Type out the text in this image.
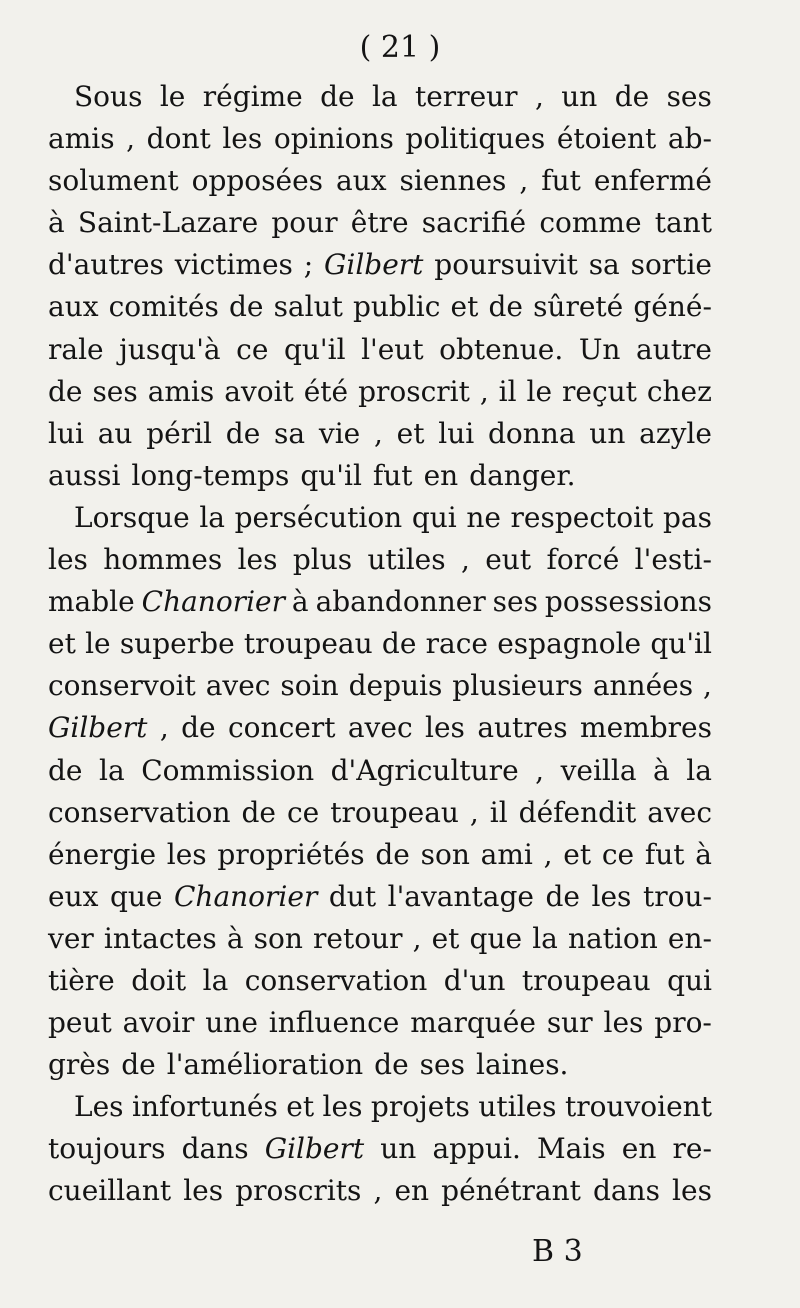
( 21 )
Sous le régime de la terreur , un de ses
amis , dont les opinions politiques étoient ab-
solument opposées aux siennes , fut enfermé
à Saint-Lazare pour être sacrifié comme tant
d'autres victimes ; Gilbert poursuivit sa sortie
aux comités de salut public et de sûreté géné-
rale jusqu'à ce qu'il l'eut obtenue. Un autre
de ses amis avoit été proscrit , il le reçut chez
lui au péril de sa vie , et lui donna un azyle
aussi long-temps qu'il fut en danger.
Lorsque la persécution qui ne respectoit pas
les hommes les plus utiles , eut forcé l'esti-
mable Chanorier à abandonner ses possessions
et le superbe troupeau de race espagnole qu'il
conservoit avec soin depuis plusieurs années ,
Gilbert , de concert avec les autres membres
de la Commission d'Agriculture , veilla à la
conservation de ce troupeau , il défendit avec
énergie les propriétés de son ami , et ce fut à
eux que Chanorier dut l'avantage de les trou-
ver intactes à son retour , et que la nation en-
tière doit la conservation d'un troupeau qui
peut avoir une influence marquée sur les pro-
grès de l'amélioration de ses laines.
Les infortunés et les projets utiles trouvoient
toujours dans Gilbert un appui. Mais en re-
cueillant les proscrits , en pénétrant dans les
B 3
